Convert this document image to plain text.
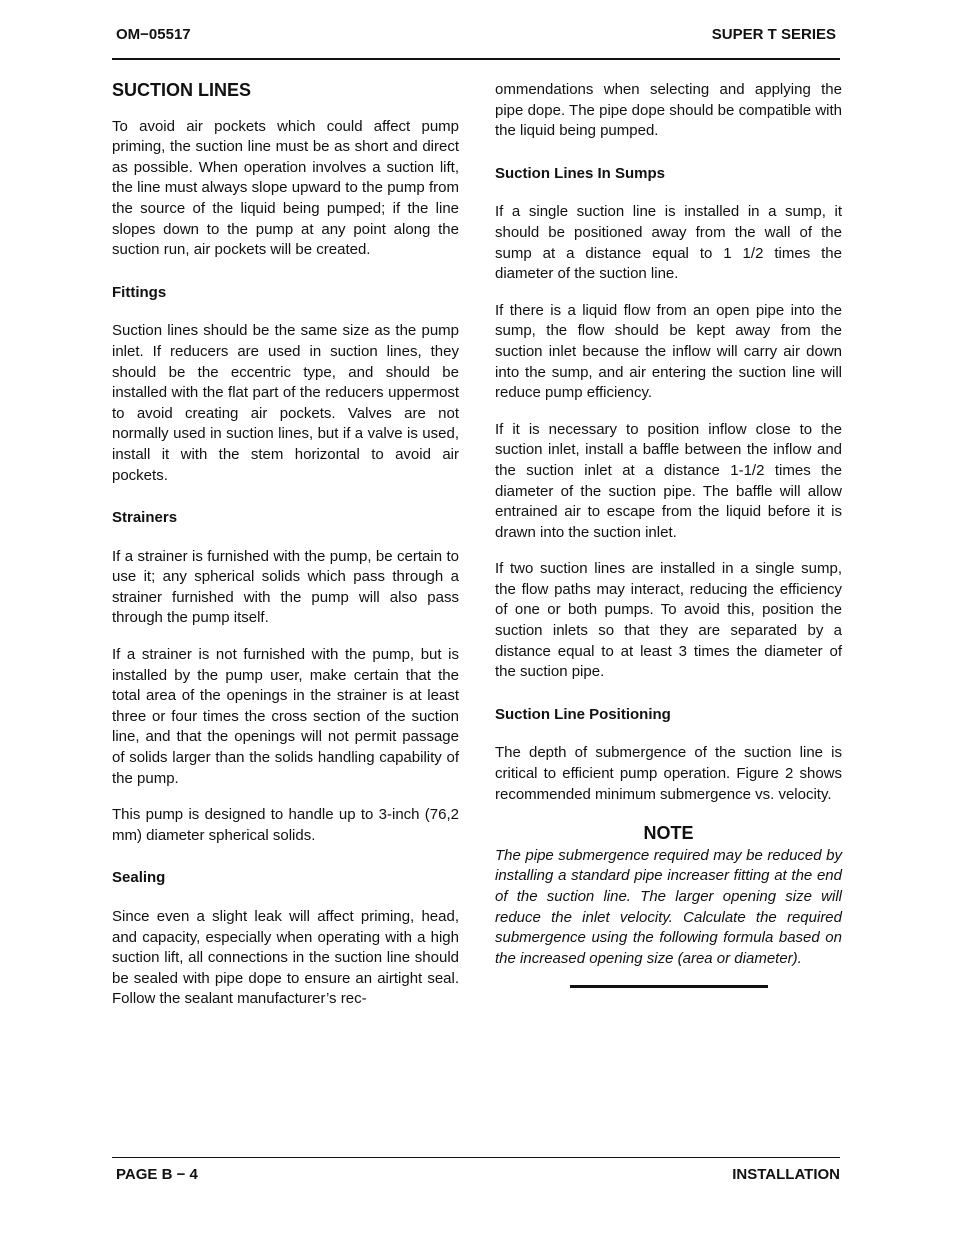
OM−05517	SUPER T SERIES
SUCTION LINES

To avoid air pockets which could affect pump priming, the suction line must be as short and direct as possible. When operation involves a suction lift, the line must always slope upward to the pump from the source of the liquid being pumped; if the line slopes down to the pump at any point along the suction run, air pockets will be created.

Fittings

Suction lines should be the same size as the pump inlet. If reducers are used in suction lines, they should be the eccentric type, and should be installed with the flat part of the reducers uppermost to avoid creating air pockets. Valves are not normally used in suction lines, but if a valve is used, install it with the stem horizontal to avoid air pockets.

Strainers

If a strainer is furnished with the pump, be certain to use it; any spherical solids which pass through a strainer furnished with the pump will also pass through the pump itself.

If a strainer is not furnished with the pump, but is installed by the pump user, make certain that the total area of the openings in the strainer is at least three or four times the cross section of the suction line, and that the openings will not permit passage of solids larger than the solids handling capability of the pump.

This pump is designed to handle up to 3-inch (76,2 mm) diameter spherical solids.

Sealing

Since even a slight leak will affect priming, head, and capacity, especially when operating with a high suction lift, all connections in the suction line should be sealed with pipe dope to ensure an airtight seal. Follow the sealant manufacturer’s rec-

ommendations when selecting and applying the pipe dope. The pipe dope should be compatible with the liquid being pumped.

Suction Lines In Sumps

If a single suction line is installed in a sump, it should be positioned away from the wall of the sump at a distance equal to 1 1/2 times the diameter of the suction line.

If there is a liquid flow from an open pipe into the sump, the flow should be kept away from the suction inlet because the inflow will carry air down into the sump, and air entering the suction line will reduce pump efficiency.

If it is necessary to position inflow close to the suction inlet, install a baffle between the inflow and the suction inlet at a distance 1-1/2 times the diameter of the suction pipe. The baffle will allow entrained air to escape from the liquid before it is drawn into the suction inlet.

If two suction lines are installed in a single sump, the flow paths may interact, reducing the efficiency of one or both pumps. To avoid this, position the suction inlets so that they are separated by a distance equal to at least 3 times the diameter of the suction pipe.

Suction Line Positioning

The depth of submergence of the suction line is critical to efficient pump operation. Figure 2 shows recommended minimum submergence vs. velocity.

NOTE

The pipe submergence required may be reduced by installing a standard pipe increaser fitting at the end of the suction line. The larger opening size will reduce the inlet velocity. Calculate the required submergence using the following formula based on the increased opening size (area or diameter).

PAGE B − 4	INSTALLATION
